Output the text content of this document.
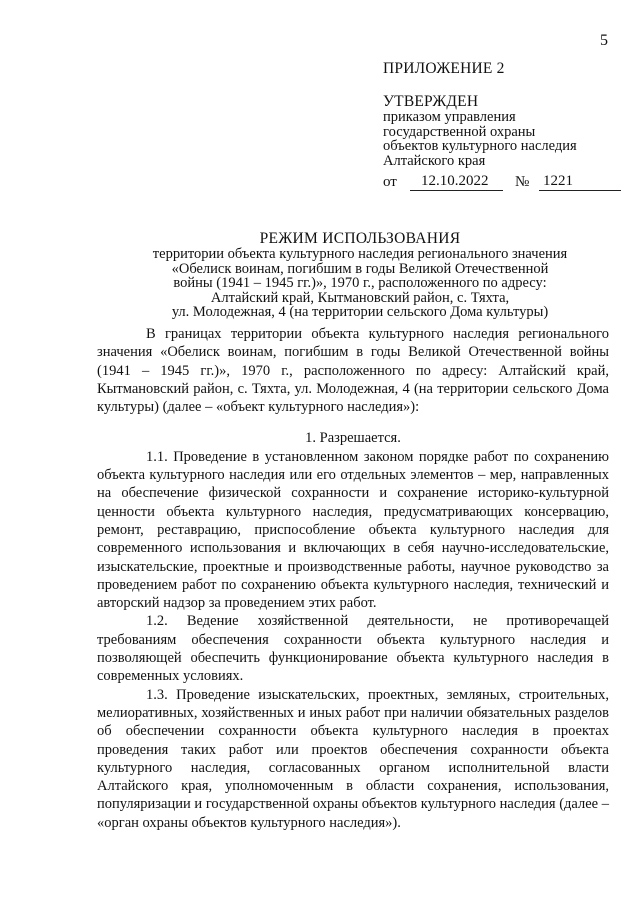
5
ПРИЛОЖЕНИЕ 2
УТВЕРЖДЕН
приказом управления
государственной охраны
объектов культурного наследия
Алтайского края
от	12.10.2022	№ 1221
РЕЖИМ ИСПОЛЬЗОВАНИЯ
территории объекта культурного наследия регионального значения
«Обелиск воинам, погибшим в годы Великой Отечественной
войны (1941 – 1945 гг.)», 1970 г., расположенного по адресу:
Алтайский край, Кытмановский район, с. Тяхта,
ул. Молодежная, 4 (на территории сельского Дома культуры)

В границах территории объекта культурного наследия регионального значения «Обелиск воинам, погибшим в годы Великой Отечественной войны (1941 – 1945 гг.)», 1970 г., расположенного по адресу: Алтайский край, Кытмановский район, с. Тяхта, ул. Молодежная, 4 (на территории сельского Дома культуры) (далее – «объект культурного наследия»):

1. Разрешается.

1.1. Проведение в установленном законом порядке работ по сохранению объекта культурного наследия или его отдельных элементов – мер, направленных на обеспечение физической сохранности и сохранение историко-культурной ценности объекта культурного наследия, предусматривающих консервацию, ремонт, реставрацию, приспособление объекта культурного наследия для современного использования и включающих в себя научно-исследовательские, изыскательские, проектные и производственные работы, научное руководство за проведением работ по сохранению объекта культурного наследия, технический и авторский надзор за проведением этих работ.

1.2. Ведение хозяйственной деятельности, не противоречащей требованиям обеспечения сохранности объекта культурного наследия и позволяющей обеспечить функционирование объекта культурного наследия в современных условиях.

1.3. Проведение изыскательских, проектных, земляных, строительных, мелиоративных, хозяйственных и иных работ при наличии обязательных разделов об обеспечении сохранности объекта культурного наследия в проектах проведения таких работ или проектов обеспечения сохранности объекта культурного наследия, согласованных органом исполнительной власти Алтайского края, уполномоченным в области сохранения, использования, популяризации и государственной охраны объектов культурного наследия (далее – «орган охраны объектов культурного наследия»).
